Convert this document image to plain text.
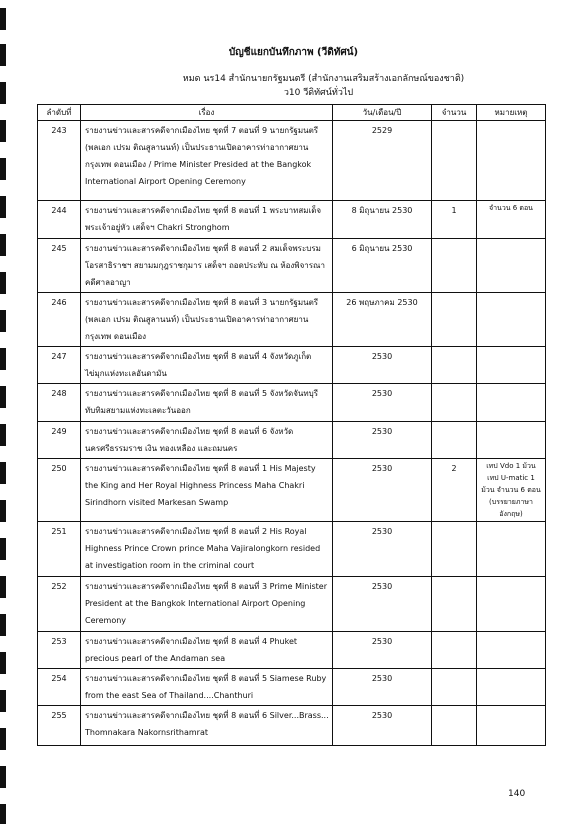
บัญชีแยกบันทึกภาพ (วีดิทัศน์)
หมด นร14 สำนักนายกรัฐมนตรี (สำนักงานเสริมสร้างเอกลักษณ์ของชาติ)
ว10 วีดิทัศน์ทั่วไป
ลำดับที่	เรื่อง	วัน/เดือน/ปี	จำนวน	หมายเหตุ
243	รายงานข่าวและสารคดีจากเมืองไทย ชุดที่ 7 ตอนที่ 9 นายกรัฐมนตรี (พลเอก เปรม ติณสูลานนท์) เป็นประธานเปิดอาคารท่าอากาศยานกรุงเทพ ดอนเมือง / Prime Minister Presided at the Bangkok International Airport Opening Ceremony	2529		
244	รายงานข่าวและสารคดีจากเมืองไทย ชุดที่ 8 ตอนที่ 1 พระบาทสมเด็จพระเจ้าอยู่หัว เสด็จฯ Chakri Stronghom	8 มิถุนายน 2530	1	จำนวน 6 ตอน
245	รายงานข่าวและสารคดีจากเมืองไทย ชุดที่ 8 ตอนที่ 2 สมเด็จพระบรมโอรสาธิราชฯ สยามมกุฎราชกุมาร เสด็จฯ ถอดประทับ ณ ห้องพิจารณาคดีศาลอาญา	6 มิถุนายน 2530		
246	รายงานข่าวและสารคดีจากเมืองไทย ชุดที่ 8 ตอนที่ 3 นายกรัฐมนตรี (พลเอก เปรม ติณสูลานนท์) เป็นประธานเปิดอาคารท่าอากาศยานกรุงเทพ ดอนเมือง	26 พฤษภาคม 2530		
247	รายงานข่าวและสารคดีจากเมืองไทย ชุดที่ 8 ตอนที่ 4 จังหวัดภูเก็ต ไข่มุกแห่งทะเลอันดามัน	2530		
248	รายงานข่าวและสารคดีจากเมืองไทย ชุดที่ 8 ตอนที่ 5 จังหวัดจันทบุรี ทับทิมสยามแห่งทะเลตะวันออก	2530		
249	รายงานข่าวและสารคดีจากเมืองไทย ชุดที่ 8 ตอนที่ 6 จังหวัดนครศรีธรรมราช เงิน ทองเหลือง และถมนคร	2530		
250	รายงานข่าวและสารคดีจากเมืองไทย ชุดที่ 8 ตอนที่ 1 His Majesty the King and Her Royal Highness Princess Maha Chakri Sirindhorn visited Markesan Swamp	2530	2	เทป Vdo 1 ม้วน เทป U-matic 1 ม้วน จำนวน 6 ตอน (บรรยายภาษาอังกฤษ)
251	รายงานข่าวและสารคดีจากเมืองไทย ชุดที่ 8 ตอนที่ 2 His Royal Highness Prince Crown prince Maha Vajiralongkorn resided at investigation room in the criminal court	2530		
252	รายงานข่าวและสารคดีจากเมืองไทย ชุดที่ 8 ตอนที่ 3 Prime Minister President at the Bangkok International Airport Opening Ceremony	2530		
253	รายงานข่าวและสารคดีจากเมืองไทย ชุดที่ 8 ตอนที่ 4 Phuket precious pearl of the Andaman sea	2530		
254	รายงานข่าวและสารคดีจากเมืองไทย ชุดที่ 8 ตอนที่ 5 Siamese Ruby from the east Sea of Thailand....Chanthuri	2530		
255	รายงานข่าวและสารคดีจากเมืองไทย ชุดที่ 8 ตอนที่ 6 Silver...Brass... Thomnakara Nakornsrithamrat	2530		
140
